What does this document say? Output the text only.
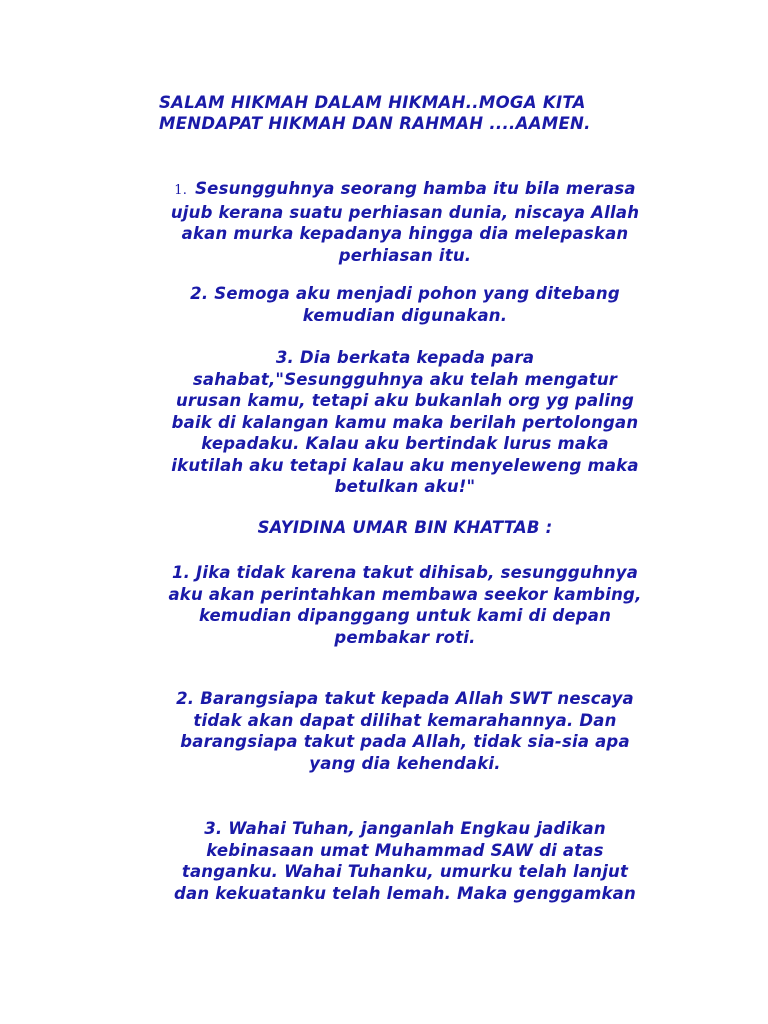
SALAM HIKMAH DALAM HIKMAH..MOGA KITA
MENDAPAT HIKMAH DAN RAHMAH ....AAMEN.
1. Sesungguhnya seorang hamba itu bila merasa
ujub kerana suatu perhiasan dunia, niscaya Allah
akan murka kepadanya hingga dia melepaskan
perhiasan itu.
2. Semoga aku menjadi pohon yang ditebang
kemudian digunakan.
3. Dia berkata kepada para
sahabat,"Sesungguhnya aku telah mengatur
urusan kamu, tetapi aku bukanlah org yg paling
baik di kalangan kamu maka berilah pertolongan
kepadaku. Kalau aku bertindak lurus maka
ikutilah aku tetapi kalau aku menyeleweng maka
betulkan aku!"
SAYIDINA UMAR BIN KHATTAB :
1. Jika tidak karena takut dihisab, sesungguhnya
aku akan perintahkan membawa seekor kambing,
kemudian dipanggang untuk kami di depan
pembakar roti.
2. Barangsiapa takut kepada Allah SWT nescaya
tidak akan dapat dilihat kemarahannya. Dan
barangsiapa takut pada Allah, tidak sia-sia apa
yang dia kehendaki.
3. Wahai Tuhan, janganlah Engkau jadikan
kebinasaan umat Muhammad SAW di atas
tanganku. Wahai Tuhanku, umurku telah lanjut
dan kekuatanku telah lemah. Maka genggamkan
